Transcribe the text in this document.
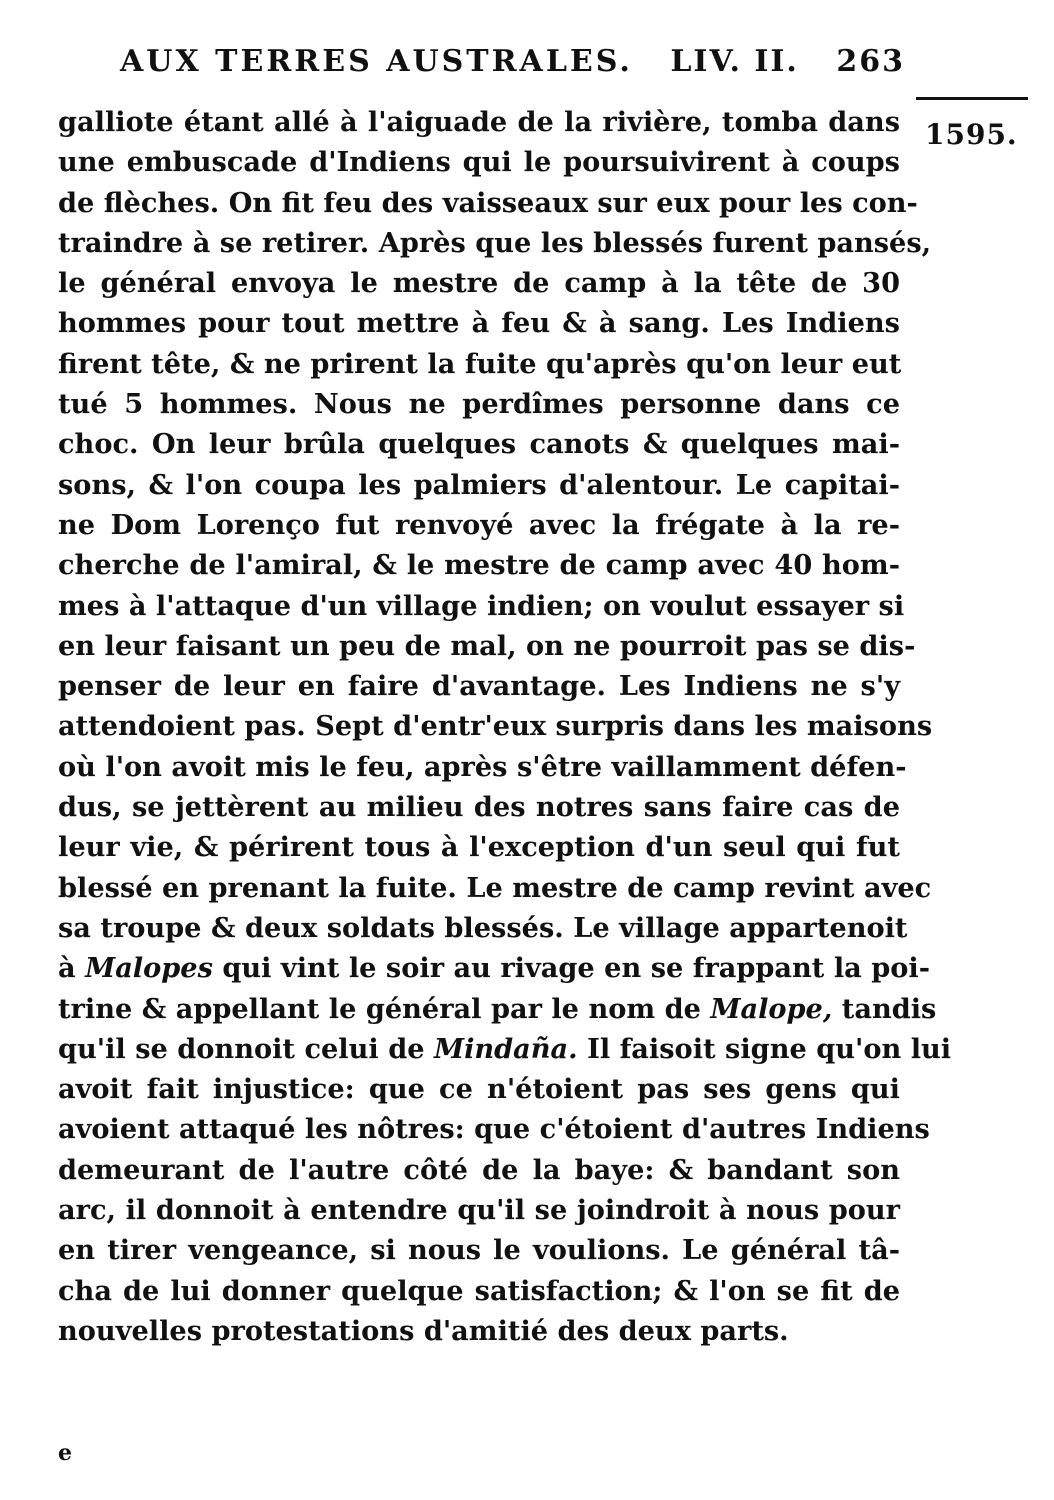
AUX TERRES AUSTRALES. LIV. II. 263
1595.
galliote étant allé à l'aiguade de la rivière, tomba dans
une embuscade d'Indiens qui le poursuivirent à coups
de flèches. On fit feu des vaisseaux sur eux pour les con-
traindre à se retirer. Après que les blessés furent pansés,
le général envoya le mestre de camp à la tête de 30
hommes pour tout mettre à feu & à sang. Les Indiens
firent tête, & ne prirent la fuite qu'après qu'on leur eut
tué 5 hommes. Nous ne perdîmes personne dans ce
choc. On leur brûla quelques canots & quelques mai-
sons, & l'on coupa les palmiers d'alentour. Le capitai-
ne Dom Lorenço fut renvoyé avec la frégate à la re-
cherche de l'amiral, & le mestre de camp avec 40 hom-
mes à l'attaque d'un village indien; on voulut essayer si
en leur faisant un peu de mal, on ne pourroit pas se dis-
penser de leur en faire d'avantage. Les Indiens ne s'y
attendoient pas. Sept d'entr'eux surpris dans les maisons
où l'on avoit mis le feu, après s'être vaillamment défen-
dus, se jettèrent au milieu des notres sans faire cas de
leur vie, & périrent tous à l'exception d'un seul qui fut
blessé en prenant la fuite. Le mestre de camp revint avec
sa troupe & deux soldats blessés. Le village appartenoit
à Malopes qui vint le soir au rivage en se frappant la poi-
trine & appellant le général par le nom de Malope, tandis
qu'il se donnoit celui de Mindaña. Il faisoit signe qu'on lui
avoit fait injustice: que ce n'étoient pas ses gens qui
avoient attaqué les nôtres: que c'étoient d'autres Indiens
demeurant de l'autre côté de la baye: & bandant son
arc, il donnoit à entendre qu'il se joindroit à nous pour
en tirer vengeance, si nous le voulions. Le général tâ-
cha de lui donner quelque satisfaction; & l'on se fit de
nouvelles protestations d'amitié des deux parts.
e
